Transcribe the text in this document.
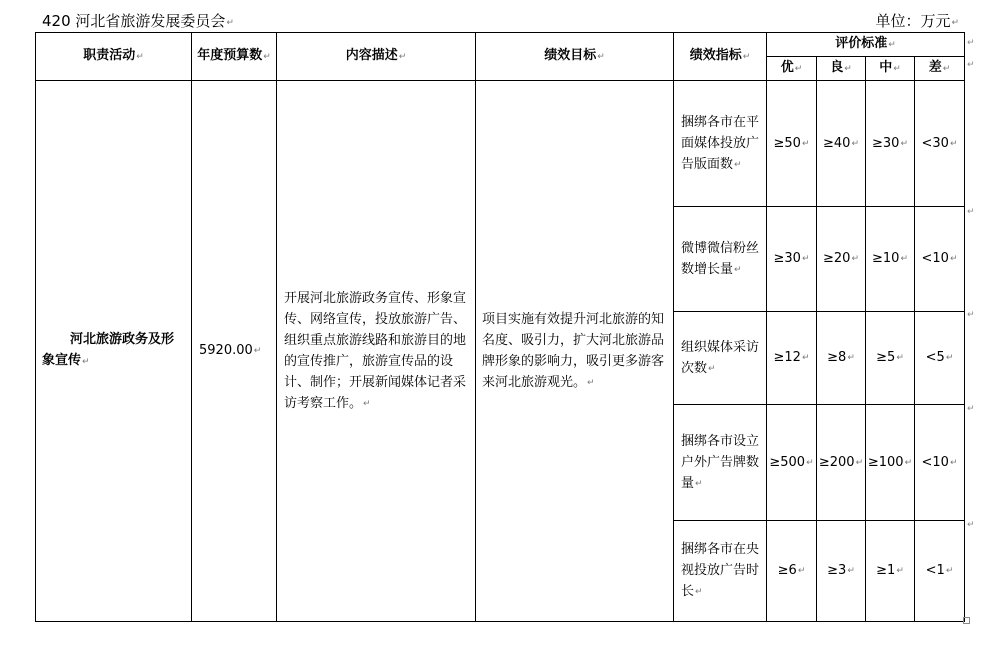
420 河北省旅游发展委员会↵	单位：万元↵
职责活动↵	年度预算数↵	内容描述↵	绩效目标↵	绩效指标↵	评价标准↵			
					优↵	良↵	中↵	差↵

河北旅游政务及形
象宣传↵	5920.00↵	开展河北旅游政务宣传、形象宣传、网络宣传，投放旅游广告、组织重点旅游线路和旅游目的地的宣传推广，旅游宣传品的设计、制作；开展新闻媒体记者采访考察工作。↵	项目实施有效提升河北旅游的知名度、吸引力，扩大河北旅游品牌形象的影响力，吸引更多游客来河北旅游观光。↵	捆绑各市在平面媒体投放广告版面数↵	≥50↵	≥40↵	≥30↵	<30↵
				微博微信粉丝数增长量↵	≥30↵	≥20↵	≥10↵	<10↵
				组织媒体采访次数↵	≥12↵	≥8↵	≥5↵	<5↵
				捆绑各市设立户外广告牌数量↵	≥500↵	≥200↵	≥100↵	<10↵
				捆绑各市在央视投放广告时长↵	≥6↵	≥3↵	≥1↵	<1↵
↵
↵
↵
↵
↵
↵
